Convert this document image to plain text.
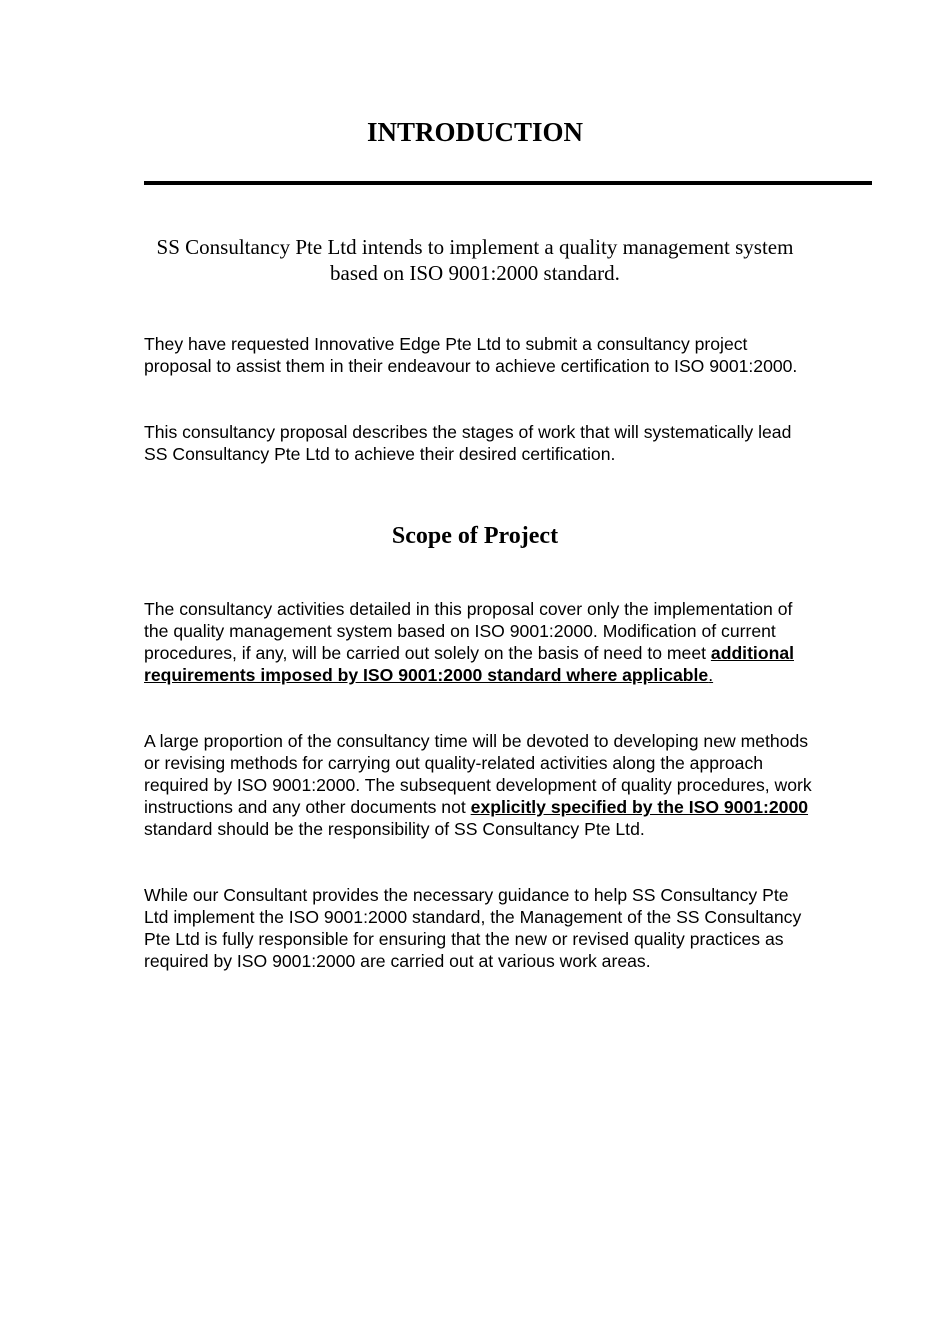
INTRODUCTION

SS Consultancy Pte Ltd intends to implement a quality management system based on ISO 9001:2000 standard.

They have requested Innovative Edge Pte Ltd to submit a consultancy project proposal to assist them in their endeavour to achieve certification to ISO 9001:2000.

This consultancy proposal describes the stages of work that will systematically lead SS Consultancy Pte Ltd to achieve their desired certification.

Scope of Project

The consultancy activities detailed in this proposal cover only the implementation of the quality management system based on ISO 9001:2000. Modification of current procedures, if any, will be carried out solely on the basis of need to meet additional requirements imposed by ISO 9001:2000 standard where applicable.

A large proportion of the consultancy time will be devoted to developing new methods or revising methods for carrying out quality-related activities along the approach required by ISO 9001:2000. The subsequent development of quality procedures, work instructions and any other documents not explicitly specified by the ISO 9001:2000 standard should be the responsibility of SS Consultancy Pte Ltd.

While our Consultant provides the necessary guidance to help SS Consultancy Pte Ltd implement the ISO 9001:2000 standard, the Management of the SS Consultancy Pte Ltd is fully responsible for ensuring that the new or revised quality practices as required by ISO 9001:2000 are carried out at various work areas.
